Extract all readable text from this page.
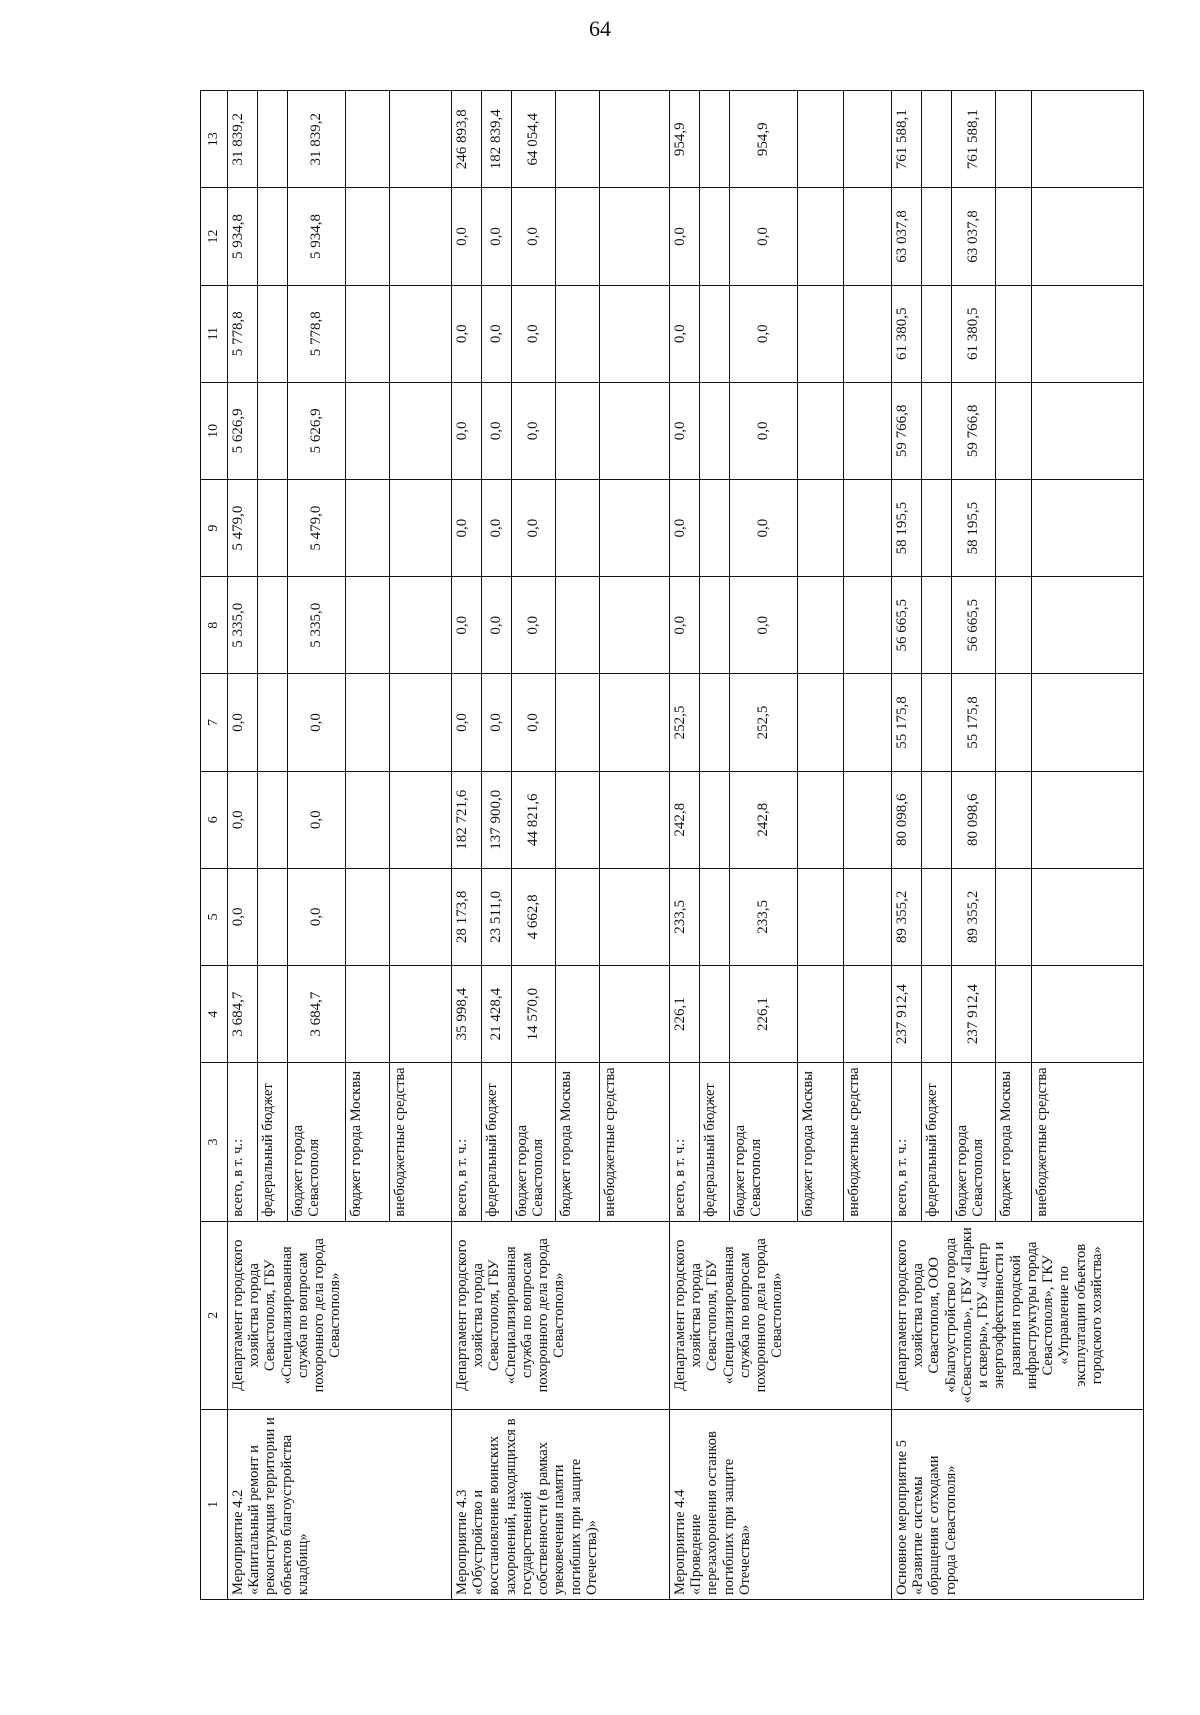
64
1	2	3	4	5	6	7	8	9	10	11	12	13
Мероприятие 4.2 «Капитальный ремонт и реконструкция территории и объектов благоустройства кладбищ»	Департамент городского хозяйства города Севастополя, ГБУ «Специализированная служба по вопросам похоронного дела города Севастополя»	всего, в т. ч.:	3 684,7	0,0	0,0	0,0	5 335,0	5 479,0	5 626,9	5 778,8	5 934,8	31 839,2
		федеральный бюджет										
		бюджет города Севастополя	3 684,7	0,0	0,0	0,0	5 335,0	5 479,0	5 626,9	5 778,8	5 934,8	31 839,2
		бюджет города Москвы										
		внебюджетные средства										
Мероприятие 4.3 «Обустройство и восстановление воинских захоронений, находящихся в государственной собственности (в рамках увековечения памяти погибших при защите Отечества)»	Департамент городского хозяйства города Севастополя, ГБУ «Специализированная служба по вопросам похоронного дела города Севастополя»	всего, в т. ч.:	35 998,4	28 173,8	182 721,6	0,0	0,0	0,0	0,0	0,0	0,0	246 893,8
		федеральный бюджет	21 428,4	23 511,0	137 900,0	0,0	0,0	0,0	0,0	0,0	0,0	182 839,4
		бюджет города Севастополя	14 570,0	4 662,8	44 821,6	0,0	0,0	0,0	0,0	0,0	0,0	64 054,4
		бюджет города Москвы										
		внебюджетные средства										
Мероприятие 4.4 «Проведение перезахоронения останков погибших при защите Отечества»	Департамент городского хозяйства города Севастополя, ГБУ «Специализированная служба по вопросам похоронного дела города Севастополя»	всего, в т. ч.:	226,1	233,5	242,8	252,5	0,0	0,0	0,0	0,0	0,0	954,9
		федеральный бюджет										
		бюджет города Севастополя	226,1	233,5	242,8	252,5	0,0	0,0	0,0	0,0	0,0	954,9
		бюджет города Москвы										
		внебюджетные средства										
Основное мероприятие 5 «Развитие системы обращения с отходами города Севастополя»	Департамент городского хозяйства города Севастополя, ООО «Благоустройство города «Севастополь», ГБУ «Парки и скверы», ГБУ «Центр энергоэффективности и развития городской инфраструктуры города Севастополя», ГКУ «Управление по эксплуатации объектов городского хозяйства»	всего, в т. ч.:	237 912,4	89 355,2	80 098,6	55 175,8	56 665,5	58 195,5	59 766,8	61 380,5	63 037,8	761 588,1
		федеральный бюджет										
		бюджет города Севастополя	237 912,4	89 355,2	80 098,6	55 175,8	56 665,5	58 195,5	59 766,8	61 380,5	63 037,8	761 588,1
		бюджет города Москвы										
		внебюджетные средства										
